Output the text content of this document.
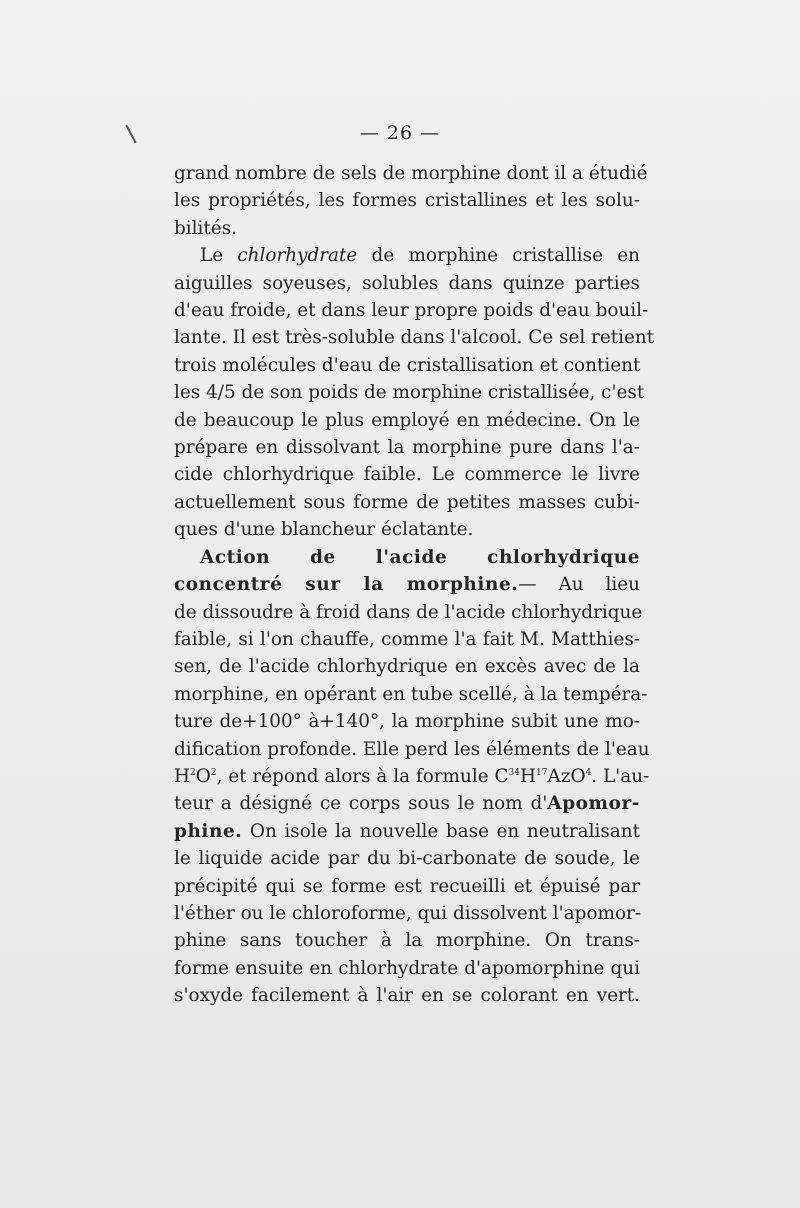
— 26 —
grand nombre de sels de morphine dont il a étudié
les propriétés, les formes cristallines et les solu-
bilités.
Le chlorhydrate de morphine cristallise en
aiguilles soyeuses, solubles dans quinze parties
d'eau froide, et dans leur propre poids d'eau bouil-
lante. Il est très-soluble dans l'alcool. Ce sel retient
trois molécules d'eau de cristallisation et contient
les 4/5 de son poids de morphine cristallisée, c'est
de beaucoup le plus employé en médecine. On le
prépare en dissolvant la morphine pure dans l'a-
cide chlorhydrique faible. Le commerce le livre
actuellement sous forme de petites masses cubi-
ques d'une blancheur éclatante.
Action de l'acide chlorhydrique
concentré sur la morphine.— Au lieu
de dissoudre à froid dans de l'acide chlorhydrique
faible, si l'on chauffe, comme l'a fait M. Matthies-
sen, de l'acide chlorhydrique en excès avec de la
morphine, en opérant en tube scellé, à la tempéra-
ture de+100° à+140°, la morphine subit une mo-
dification profonde. Elle perd les éléments de l'eau
$H^2O^2$, et répond alors à la formule $C^{34}H^{17}AzO^4$. L'au-
teur a désigné ce corps sous le nom d'Apomor-
phine. On isole la nouvelle base en neutralisant
le liquide acide par du bi-carbonate de soude, le
précipité qui se forme est recueilli et épuisé par
l'éther ou le chloroforme, qui dissolvent l'apomor-
phine sans toucher à la morphine. On trans-
forme ensuite en chlorhydrate d'apomorphine qui
s'oxyde facilement à l'air en se colorant en vert.
